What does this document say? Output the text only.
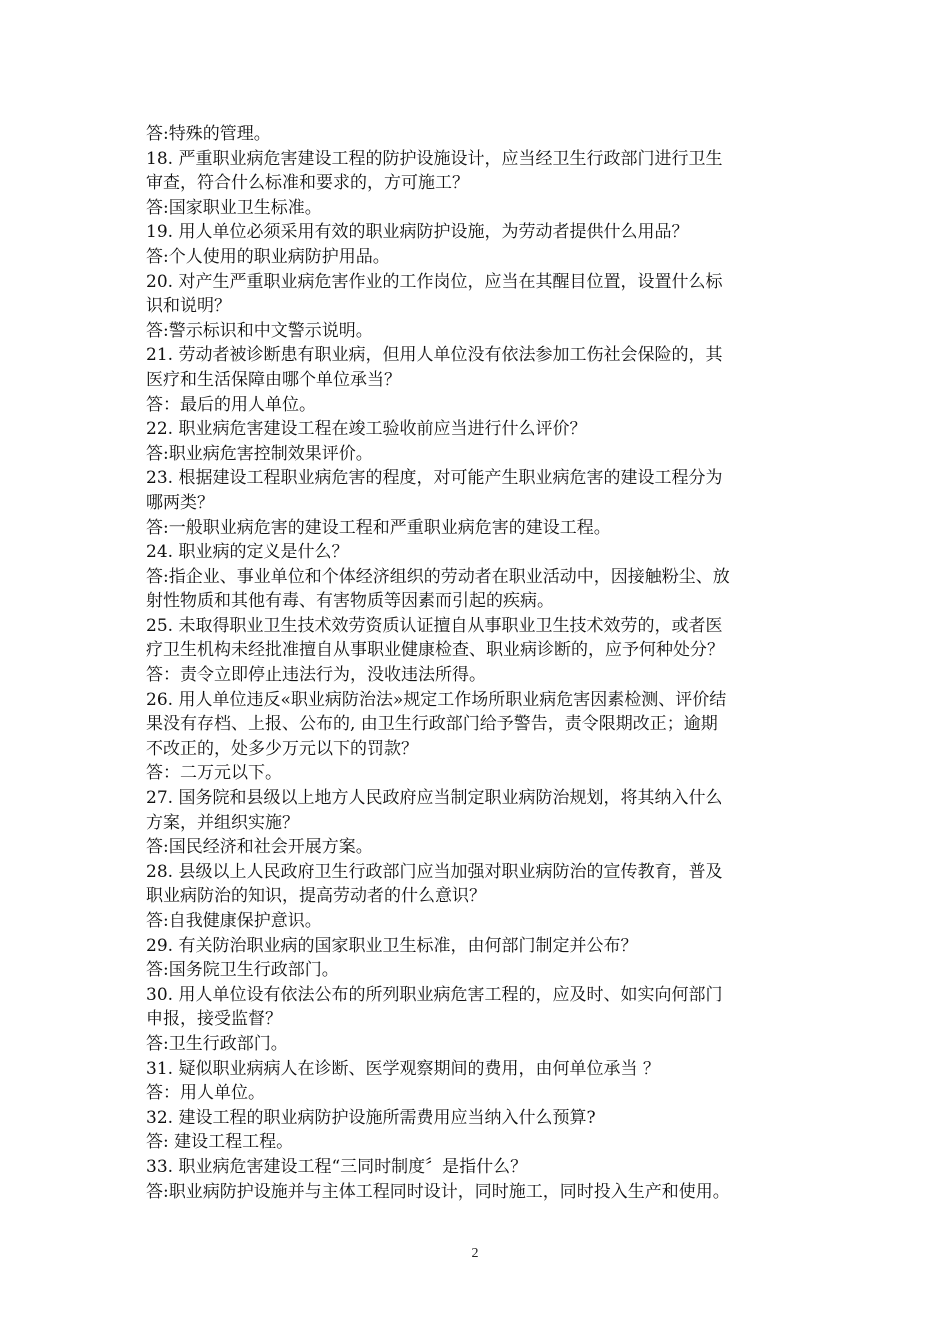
答:特殊的管理。
18. 严重职业病危害建设工程的防护设施设计，应当经卫生行政部门进行卫生
审查，符合什么标准和要求的，方可施工？
答:国家职业卫生标准。
19. 用人单位必须采用有效的职业病防护设施，为劳动者提供什么用品？
答:个人使用的职业病防护用品。
20. 对产生严重职业病危害作业的工作岗位，应当在其醒目位置，设置什么标
识和说明？
答:警示标识和中文警示说明。
21. 劳动者被诊断患有职业病，但用人单位没有依法参加工伤社会保险的，其
医疗和生活保障由哪个单位承当？
答：最后的用人单位。
22. 职业病危害建设工程在竣工验收前应当进行什么评价？
答:职业病危害控制效果评价。
23. 根据建设工程职业病危害的程度，对可能产生职业病危害的建设工程分为
哪两类？
答:一般职业病危害的建设工程和严重职业病危害的建设工程。
24. 职业病的定义是什么？
答:指企业、事业单位和个体经济组织的劳动者在职业活动中，因接触粉尘、放
射性物质和其他有毒、有害物质等因素而引起的疾病。
25. 未取得职业卫生技术效劳资质认证擅自从事职业卫生技术效劳的，或者医
疗卫生机构未经批准擅自从事职业健康检查、职业病诊断的，应予何种处分？
答：责令立即停止违法行为，没收违法所得。
26. 用人单位违反«职业病防治法»规定工作场所职业病危害因素检测、评价结
果没有存档、上报、公布的, 由卫生行政部门给予警告，责令限期改正；逾期
不改正的，处多少万元以下的罚款？
答：二万元以下。
27. 国务院和县级以上地方人民政府应当制定职业病防治规划，将其纳入什么
方案，并组织实施？
答:国民经济和社会开展方案。
28. 县级以上人民政府卫生行政部门应当加强对职业病防治的宣传教育，普及
职业病防治的知识，提高劳动者的什么意识？
答:自我健康保护意识。
29. 有关防治职业病的国家职业卫生标准，由何部门制定并公布？
答:国务院卫生行政部门。
30. 用人单位设有依法公布的所列职业病危害工程的，应及时、如实向何部门
申报，接受监督？
答:卫生行政部门。
31. 疑似职业病病人在诊断、医学观察期间的费用，由何单位承当 ？
答：用人单位。
32. 建设工程的职业病防护设施所需费用应当纳入什么预算?
答: 建设工程工程。
33. 职业病危害建设工程“三同时制度〞是指什么？
答:职业病防护设施并与主体工程同时设计，同时施工，同时投入生产和使用。
2
